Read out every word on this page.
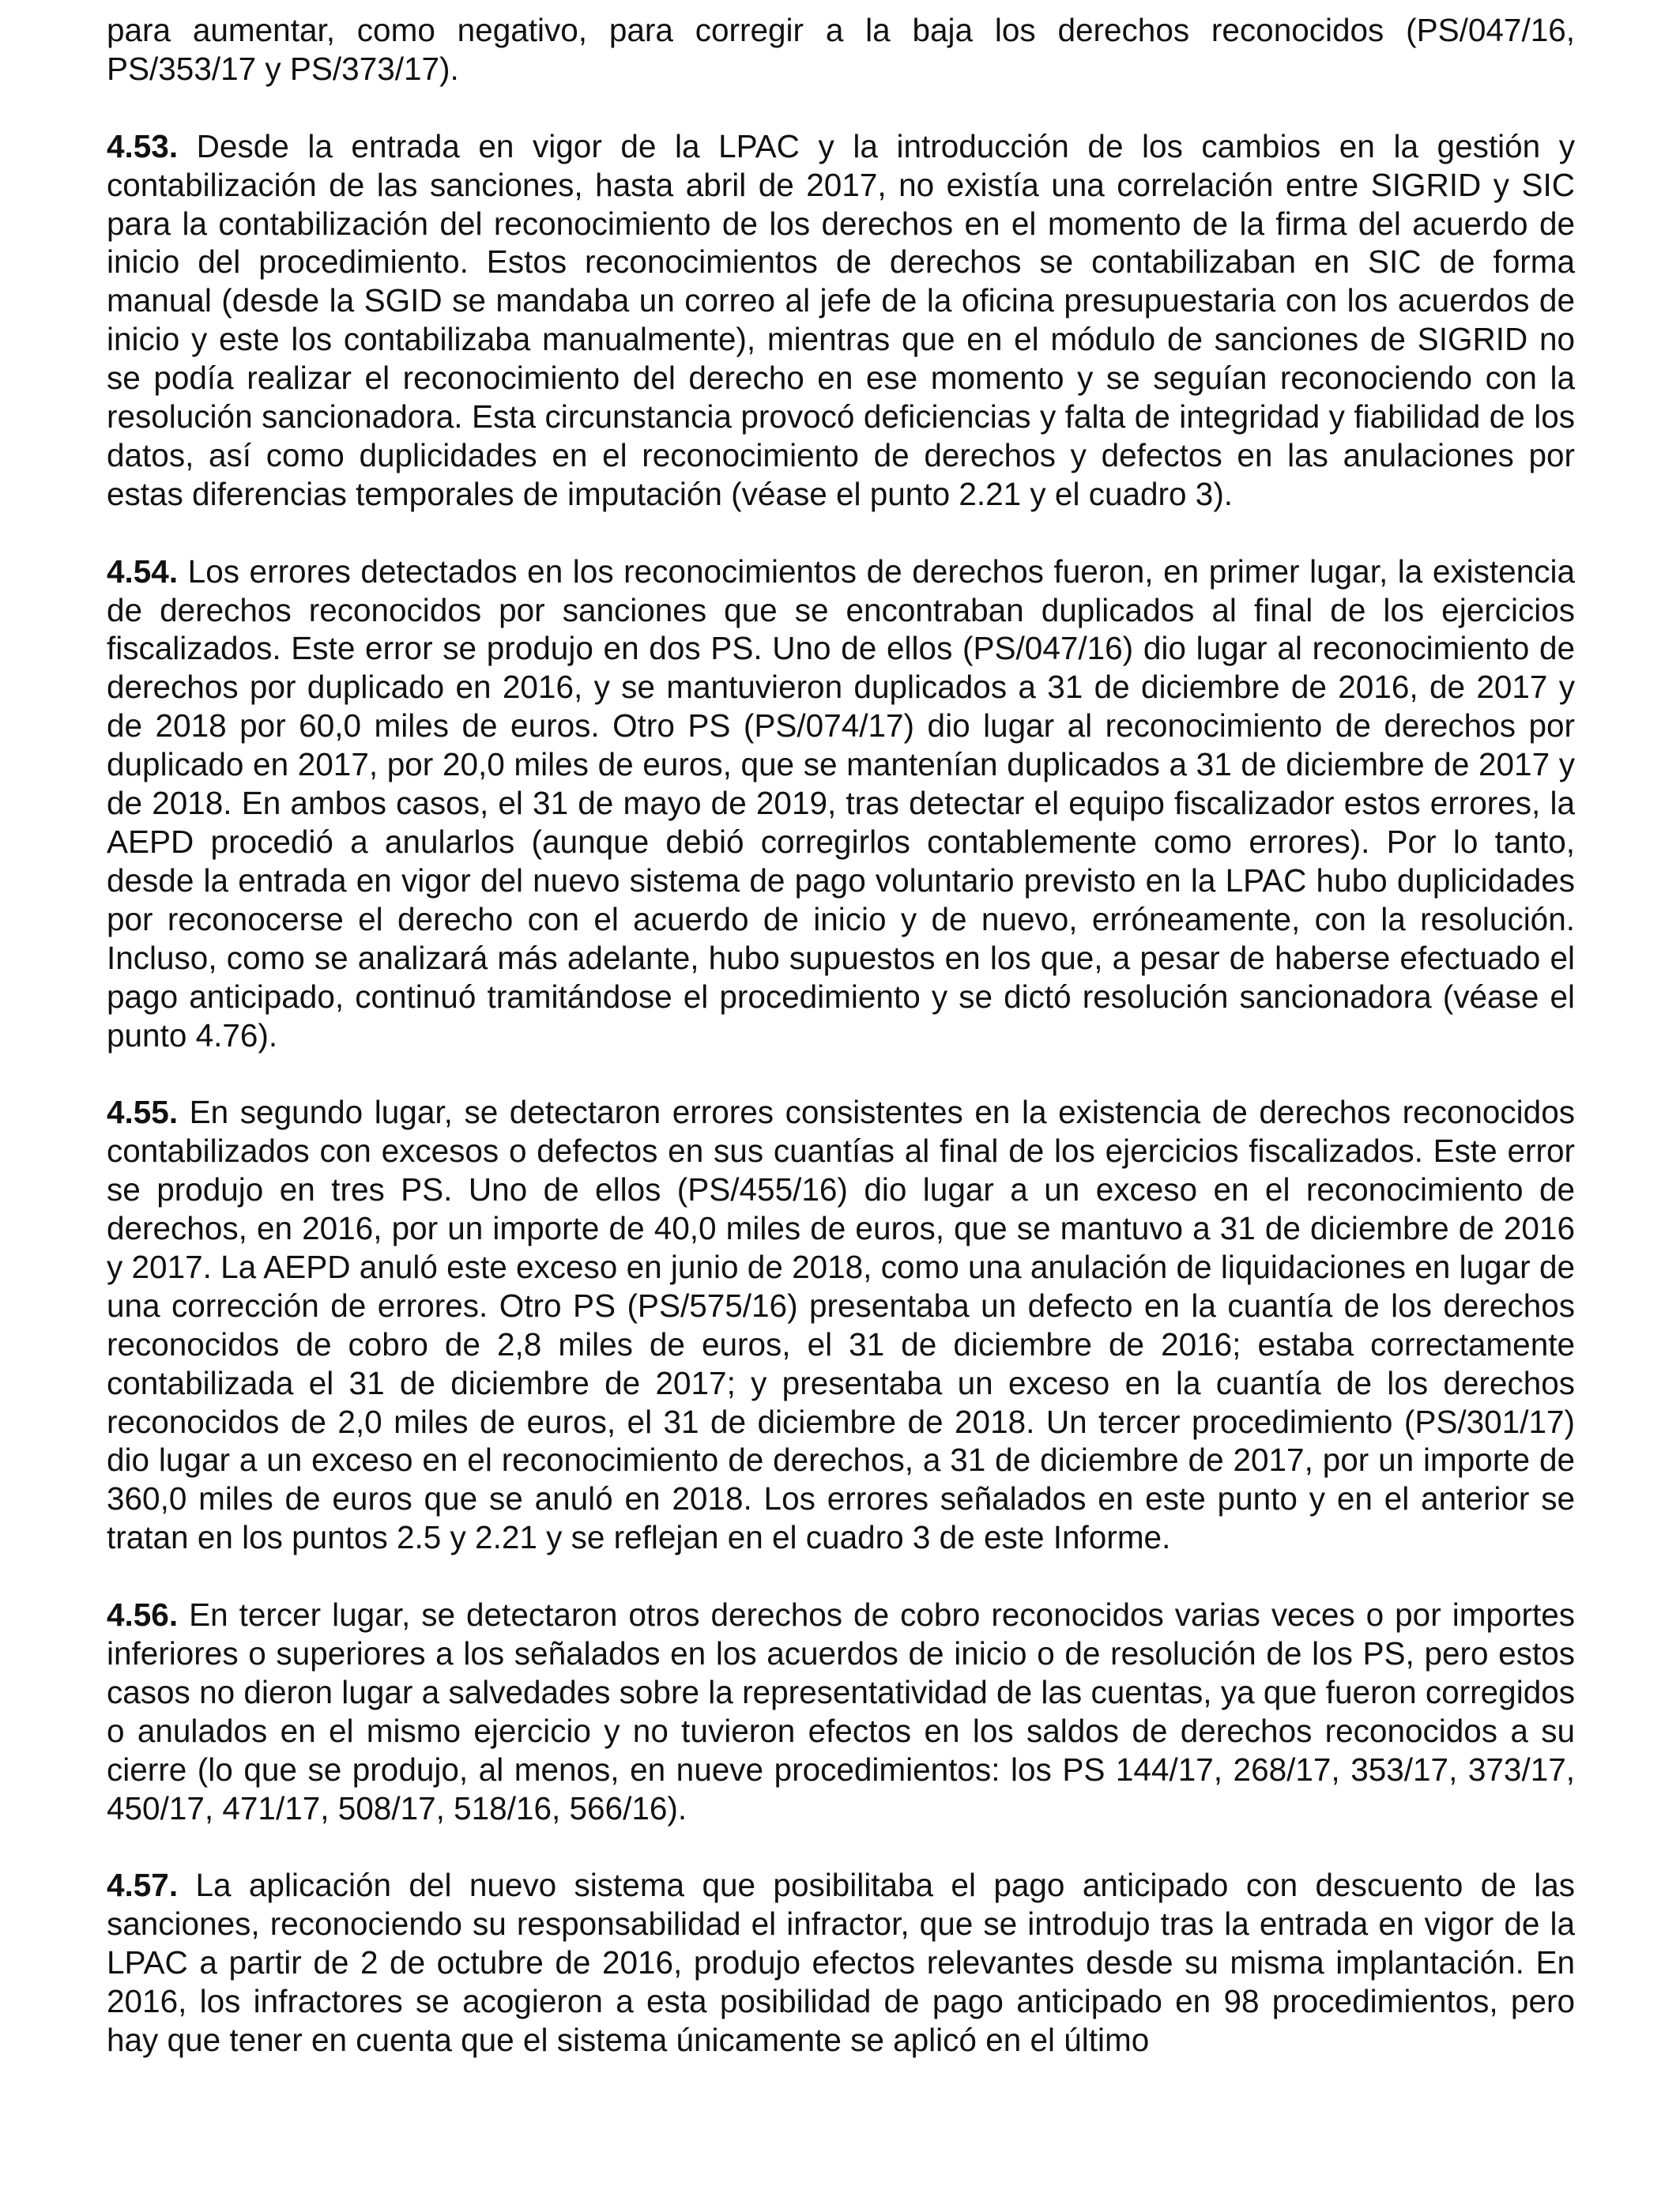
para aumentar, como negativo, para corregir a la baja los derechos reconocidos (PS/047/16, PS/353/17 y PS/373/17).

4.53. Desde la entrada en vigor de la LPAC y la introducción de los cambios en la gestión y contabilización de las sanciones, hasta abril de 2017, no existía una correlación entre SIGRID y SIC para la contabilización del reconocimiento de los derechos en el momento de la firma del acuerdo de inicio del procedimiento. Estos reconocimientos de derechos se contabilizaban en SIC de forma manual (desde la SGID se mandaba un correo al jefe de la oficina presupuestaria con los acuerdos de inicio y este los contabilizaba manualmente), mientras que en el módulo de sanciones de SIGRID no se podía realizar el reconocimiento del derecho en ese momento y se seguían reconociendo con la resolución sancionadora. Esta circunstancia provocó deficiencias y falta de integridad y fiabilidad de los datos, así como duplicidades en el reconocimiento de derechos y defectos en las anulaciones por estas diferencias temporales de imputación (véase el punto 2.21 y el cuadro 3).

4.54. Los errores detectados en los reconocimientos de derechos fueron, en primer lugar, la existencia de derechos reconocidos por sanciones que se encontraban duplicados al final de los ejercicios fiscalizados. Este error se produjo en dos PS. Uno de ellos (PS/047/16) dio lugar al reconocimiento de derechos por duplicado en 2016, y se mantuvieron duplicados a 31 de diciembre de 2016, de 2017 y de 2018 por 60,0 miles de euros. Otro PS (PS/074/17) dio lugar al reconocimiento de derechos por duplicado en 2017, por 20,0 miles de euros, que se mantenían duplicados a 31 de diciembre de 2017 y de 2018. En ambos casos, el 31 de mayo de 2019, tras detectar el equipo fiscalizador estos errores, la AEPD procedió a anularlos (aunque debió corregirlos contablemente como errores). Por lo tanto, desde la entrada en vigor del nuevo sistema de pago voluntario previsto en la LPAC hubo duplicidades por reconocerse el derecho con el acuerdo de inicio y de nuevo, erróneamente, con la resolución. Incluso, como se analizará más adelante, hubo supuestos en los que, a pesar de haberse efectuado el pago anticipado, continuó tramitándose el procedimiento y se dictó resolución sancionadora (véase el punto 4.76).

4.55. En segundo lugar, se detectaron errores consistentes en la existencia de derechos reconocidos contabilizados con excesos o defectos en sus cuantías al final de los ejercicios fiscalizados. Este error se produjo en tres PS. Uno de ellos (PS/455/16) dio lugar a un exceso en el reconocimiento de derechos, en 2016, por un importe de 40,0 miles de euros, que se mantuvo a 31 de diciembre de 2016 y 2017. La AEPD anuló este exceso en junio de 2018, como una anulación de liquidaciones en lugar de una corrección de errores. Otro PS (PS/575/16) presentaba un defecto en la cuantía de los derechos reconocidos de cobro de 2,8 miles de euros, el 31 de diciembre de 2016; estaba correctamente contabilizada el 31 de diciembre de 2017; y presentaba un exceso en la cuantía de los derechos reconocidos de 2,0 miles de euros, el 31 de diciembre de 2018. Un tercer procedimiento (PS/301/17) dio lugar a un exceso en el reconocimiento de derechos, a 31 de diciembre de 2017, por un importe de 360,0 miles de euros que se anuló en 2018. Los errores señalados en este punto y en el anterior se tratan en los puntos 2.5 y 2.21 y se reflejan en el cuadro 3 de este Informe.

4.56. En tercer lugar, se detectaron otros derechos de cobro reconocidos varias veces o por importes inferiores o superiores a los señalados en los acuerdos de inicio o de resolución de los PS, pero estos casos no dieron lugar a salvedades sobre la representatividad de las cuentas, ya que fueron corregidos o anulados en el mismo ejercicio y no tuvieron efectos en los saldos de derechos reconocidos a su cierre (lo que se produjo, al menos, en nueve procedimientos: los PS 144/17, 268/17, 353/17, 373/17, 450/17, 471/17, 508/17, 518/16, 566/16).

4.57. La aplicación del nuevo sistema que posibilitaba el pago anticipado con descuento de las sanciones, reconociendo su responsabilidad el infractor, que se introdujo tras la entrada en vigor de la LPAC a partir de 2 de octubre de 2016, produjo efectos relevantes desde su misma implantación. En 2016, los infractores se acogieron a esta posibilidad de pago anticipado en 98 procedimientos, pero hay que tener en cuenta que el sistema únicamente se aplicó en el último
